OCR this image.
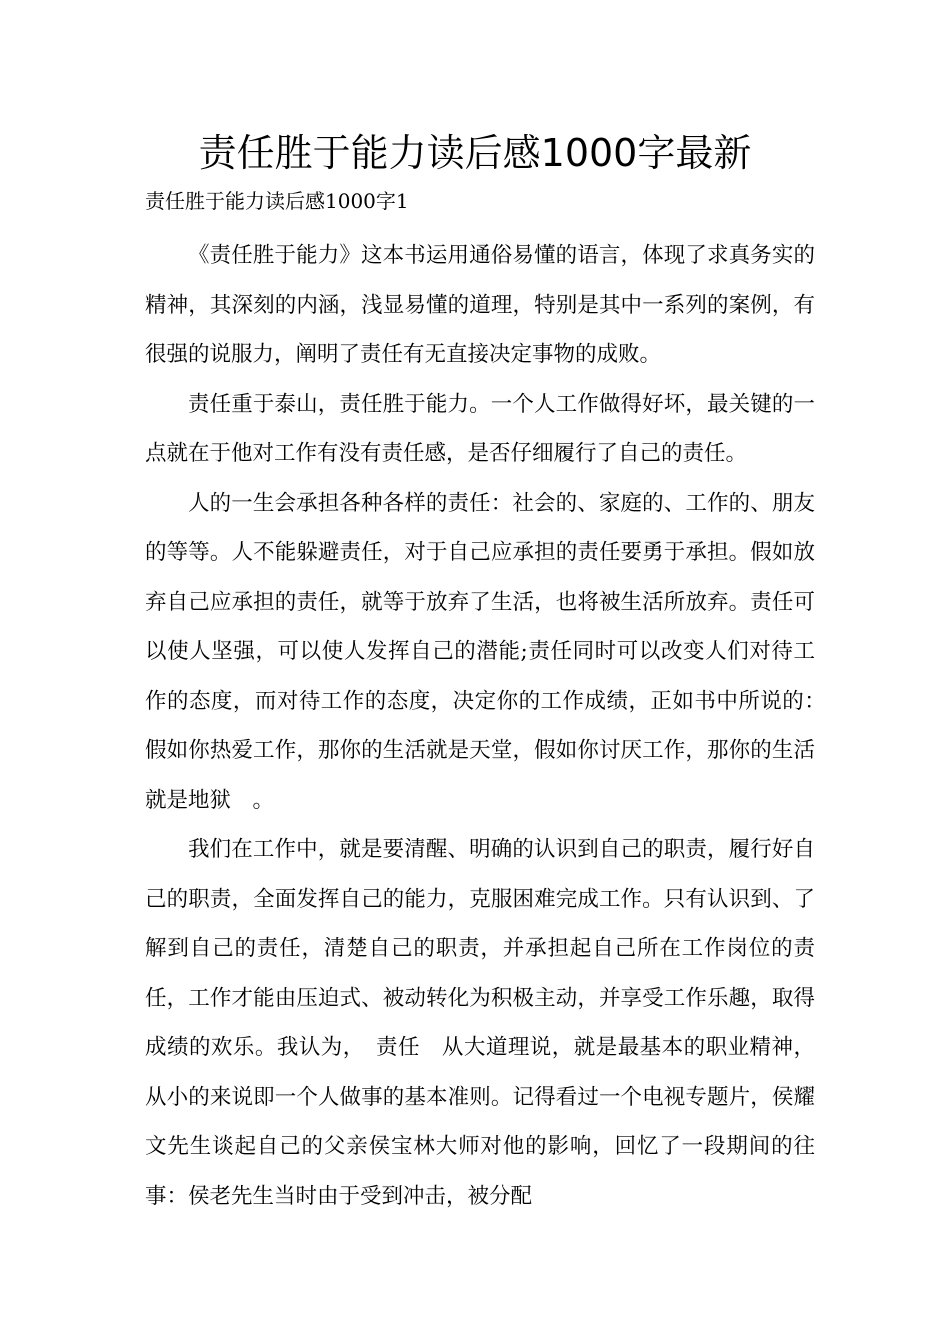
责任胜于能力读后感1000字最新
责任胜于能力读后感1000字1

《责任胜于能力》这本书运用通俗易懂的语言，体现了求真务实的精神，其深刻的内涵，浅显易懂的道理，特别是其中一系列的案例，有很强的说服力，阐明了责任有无直接决定事物的成败。

责任重于泰山，责任胜于能力。一个人工作做得好坏，最关键的一点就在于他对工作有没有责任感，是否仔细履行了自己的责任。

人的一生会承担各种各样的责任：社会的、家庭的、工作的、朋友的等等。人不能躲避责任，对于自己应承担的责任要勇于承担。假如放弃自己应承担的责任，就等于放弃了生活，也将被生活所放弃。责任可以使人坚强，可以使人发挥自己的潜能;责任同时可以改变人们对待工作的态度，而对待工作的态度，决定你的工作成绩，正如书中所说的：　假如你热爱工作，那你的生活就是天堂，假如你讨厌工作，那你的生活就是地狱　。

我们在工作中，就是要清醒、明确的认识到自己的职责，履行好自己的职责，全面发挥自己的能力，克服困难完成工作。只有认识到、了解到自己的责任，清楚自己的职责，并承担起自己所在工作岗位的责任，工作才能由压迫式、被动转化为积极主动，并享受工作乐趣，取得成绩的欢乐。我认为，　责任　从大道理说，就是最基本的职业精神，从小的来说即一个人做事的基本准则。记得看过一个电视专题片，侯耀文先生谈起自己的父亲侯宝林大师对他的影响，回忆了一段期间的往事：侯老先生当时由于受到冲击，被分配
